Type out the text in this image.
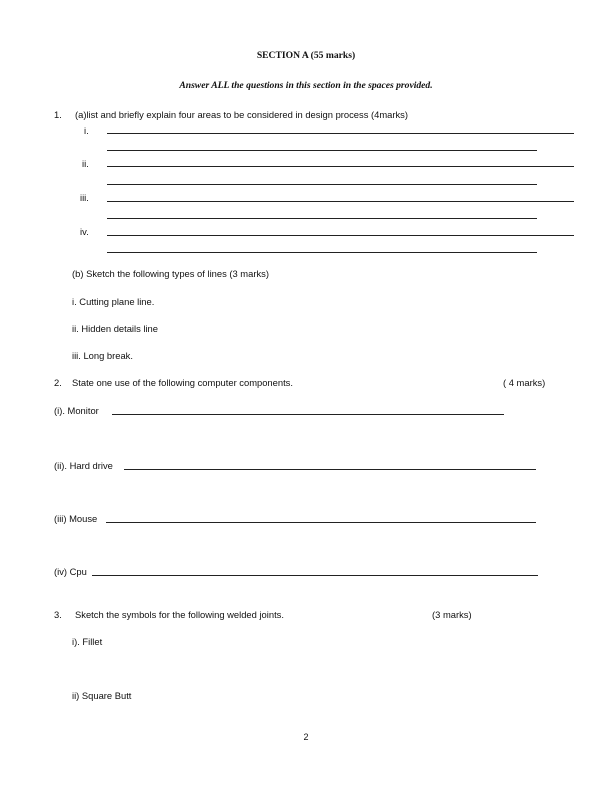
SECTION A (55 marks)
Answer ALL the questions in this section in the spaces provided.
1. (a)list and briefly explain four areas to be considered in design process (4marks)
i.
ii.
iii.
iv.
(b) Sketch the following types of lines (3 marks)
i. Cutting plane line.
ii. Hidden details line
iii. Long break.
2. State one use of the following computer components.	( 4 marks)
(i). Monitor
(ii). Hard drive
(iii) Mouse
(iv) Cpu
3. Sketch the symbols for the following welded joints.	(3 marks)
i). Fillet
ii) Square Butt
2
